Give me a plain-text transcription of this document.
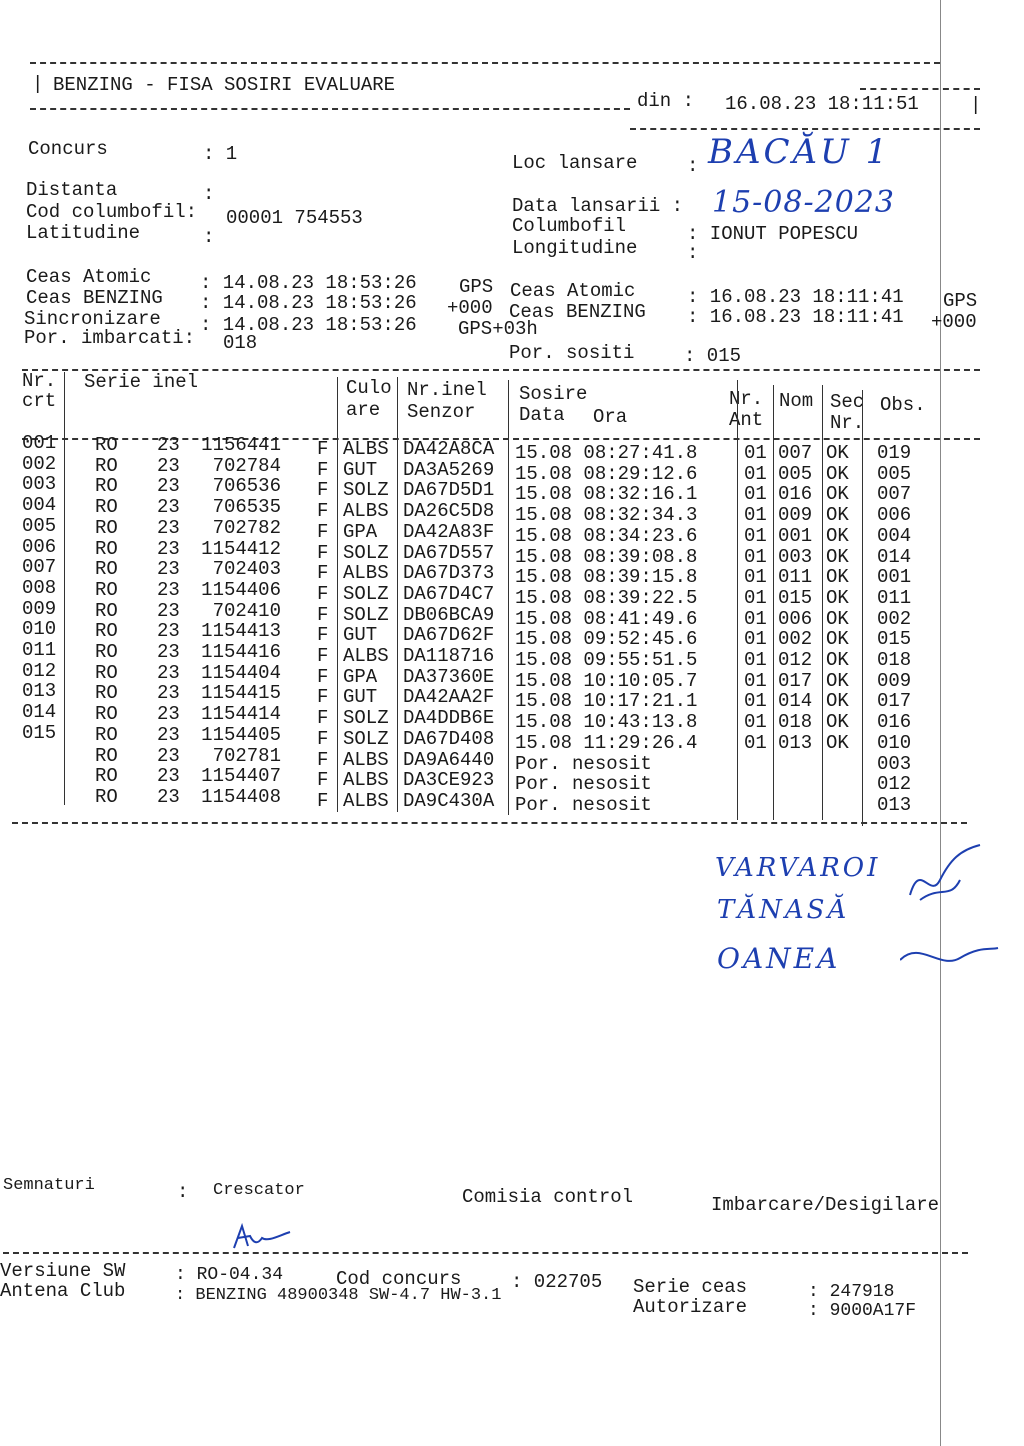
| BENZING - FISA SOSIRI EVALUARE
din : 16.08.23 18:11:51	|
Concurs	: 1	Loc lansare	: BACĂU 1
Distanta	:
Cod columbofil: 00001 754553
Latitudine	:
Data lansarii : 15-08-2023
Columbofil	: IONUT POPESCU
Longitudine	:
Ceas Atomic	: 14.08.23 18:53:26 GPS
Ceas BENZING : 14.08.23 18:53:26 +000
Sincronizare : 14.08.23 18:53:26 GPS+03h
Por. imbarcati: 018
Ceas Atomic	: 16.08.23 18:11:41 GPS
Ceas BENZING : 16.08.23 18:11:41 +000
Por. sositi	: 015
Nr.
crt
Serie inel	Culo
are
Nr.inel
Senzor
Sosire
Data Ora
Nr.
Ant
Nom Sec
Nr.
Obs.
001 RO 23	1156441 F ALBS DA42A8CA 15.08 08:27:41.8 01 007 OK 019
002 RO 23	702784 F GUT DA3A5269 15.08 08:29:12.6 01 005 OK 005
003 RO 23	706536 F SOLZ DA67D5D1 15.08 08:32:16.1 01 016 OK 007
004 RO 23	706535 F ALBS DA26C5D8 15.08 08:32:34.3 01 009 OK 006
005 RO 23	702782 F GPA DA42A83F 15.08 08:34:23.6 01 001 OK 004
006 RO 23	1154412 F SOLZ DA67D557 15.08 08:39:08.8 01 003 OK 014
007 RO 23	702403 F ALBS DA67D373 15.08 08:39:15.8 01 011 OK 001
008 RO 23	1154406 F SOLZ DA67D4C7 15.08 08:39:22.5 01 015 OK 011
009 RO 23	702410 F SOLZ DB06BCA9 15.08 08:41:49.6 01 006 OK 002
010 RO 23	1154413 F GUT DA67D62F 15.08 09:52:45.6 01 002 OK 015
011 RO 23	1154416 F ALBS DA118716 15.08 09:55:51.5 01 012 OK 018
012 RO 23	1154404 F GPA DA37360E 15.08 10:10:05.7 01 017 OK 009
013 RO 23	1154415 F GUT DA42AA2F 15.08 10:17:21.1 01 014 OK 017
014 RO 23	1154414 F SOLZ DA4DDB6E 15.08 10:43:13.8 01 018 OK 016
015 RO 23	1154405 F SOLZ DA67D408 15.08 11:29:26.4 01 013 OK 010
RO 23	702781 F ALBS DA9A6440 Por. nesosit	003
RO 23	1154407 F ALBS DA3CE923 Por. nesosit	012
RO 23	1154408 F ALBS DA9C430A Por. nesosit	013
VARVAROI
TĂNASĂ
OANEA
Semnaturi	: Crescator	Comisia control	Imbarcare/Desigilare
Versiune SW	: RO-04.34	Cod concurs	: 022705 Serie ceas	: 247918
Antena Club	: BENZING 48900348 SW-4.7 HW-3.1
Autorizare	: 9000A17F
